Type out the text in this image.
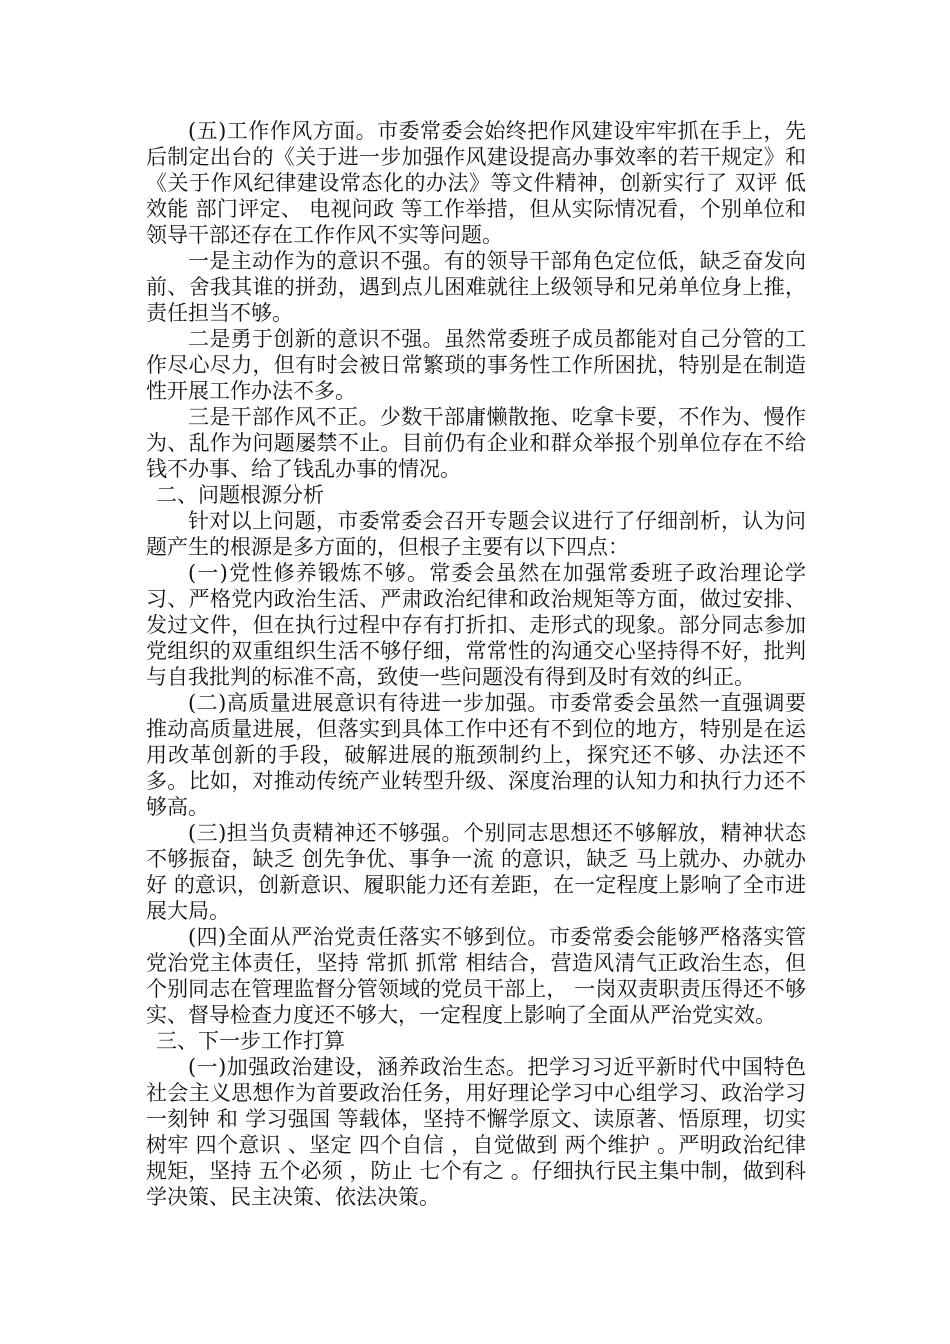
(五)工作作风方面。市委常委会始终把作风建设牢牢抓在手上，先后制定出台的《关于进一步加强作风建设提高办事效率的若干规定》和《关于作风纪律建设常态化的办法》等文件精神，创新实行了 双评 低效能 部门评定、 电视问政 等工作举措，但从实际情况看，个别单位和领导干部还存在工作作风不实等问题。

一是主动作为的意识不强。有的领导干部角色定位低，缺乏奋发向前、舍我其谁的拼劲，遇到点儿困难就往上级领导和兄弟单位身上推，责任担当不够。

二是勇于创新的意识不强。虽然常委班子成员都能对自己分管的工作尽心尽力，但有时会被日常繁琐的事务性工作所困扰，特别是在制造性开展工作办法不多。

三是干部作风不正。少数干部庸懒散拖、吃拿卡要，不作为、慢作为、乱作为问题屡禁不止。目前仍有企业和群众举报个别单位存在不给钱不办事、给了钱乱办事的情况。

二、问题根源分析

针对以上问题，市委常委会召开专题会议进行了仔细剖析，认为问题产生的根源是多方面的，但根子主要有以下四点：

(一)党性修养锻炼不够。常委会虽然在加强常委班子政治理论学习、严格党内政治生活、严肃政治纪律和政治规矩等方面，做过安排、发过文件，但在执行过程中存有打折扣、走形式的现象。部分同志参加党组织的双重组织生活不够仔细，常常性的沟通交心坚持得不好，批判与自我批判的标准不高，致使一些问题没有得到及时有效的纠正。

(二)高质量进展意识有待进一步加强。市委常委会虽然一直强调要推动高质量进展，但落实到具体工作中还有不到位的地方，特别是在运用改革创新的手段，破解进展的瓶颈制约上，探究还不够、办法还不多。比如，对推动传统产业转型升级、深度治理的认知力和执行力还不够高。

(三)担当负责精神还不够强。个别同志思想还不够解放，精神状态不够振奋，缺乏 创先争优、事争一流 的意识，缺乏 马上就办、办就办好 的意识，创新意识、履职能力还有差距，在一定程度上影响了全市进展大局。

(四)全面从严治党责任落实不够到位。市委常委会能够严格落实管党治党主体责任，坚持 常抓 抓常 相结合，营造风清气正政治生态，但个别同志在管理监督分管领域的党员干部上， 一岗双责职责压得还不够实、督导检查力度还不够大，一定程度上影响了全面从严治党实效。

三、下一步工作打算

(一)加强政治建设，涵养政治生态。把学习习近平新时代中国特色社会主义思想作为首要政治任务，用好理论学习中心组学习、政治学习一刻钟 和 学习强国 等载体，坚持不懈学原文、读原著、悟原理，切实树牢 四个意识 、坚定 四个自信 ，自觉做到 两个维护 。严明政治纪律规矩，坚持 五个必须 ，防止 七个有之 。仔细执行民主集中制，做到科学决策、民主决策、依法决策。
